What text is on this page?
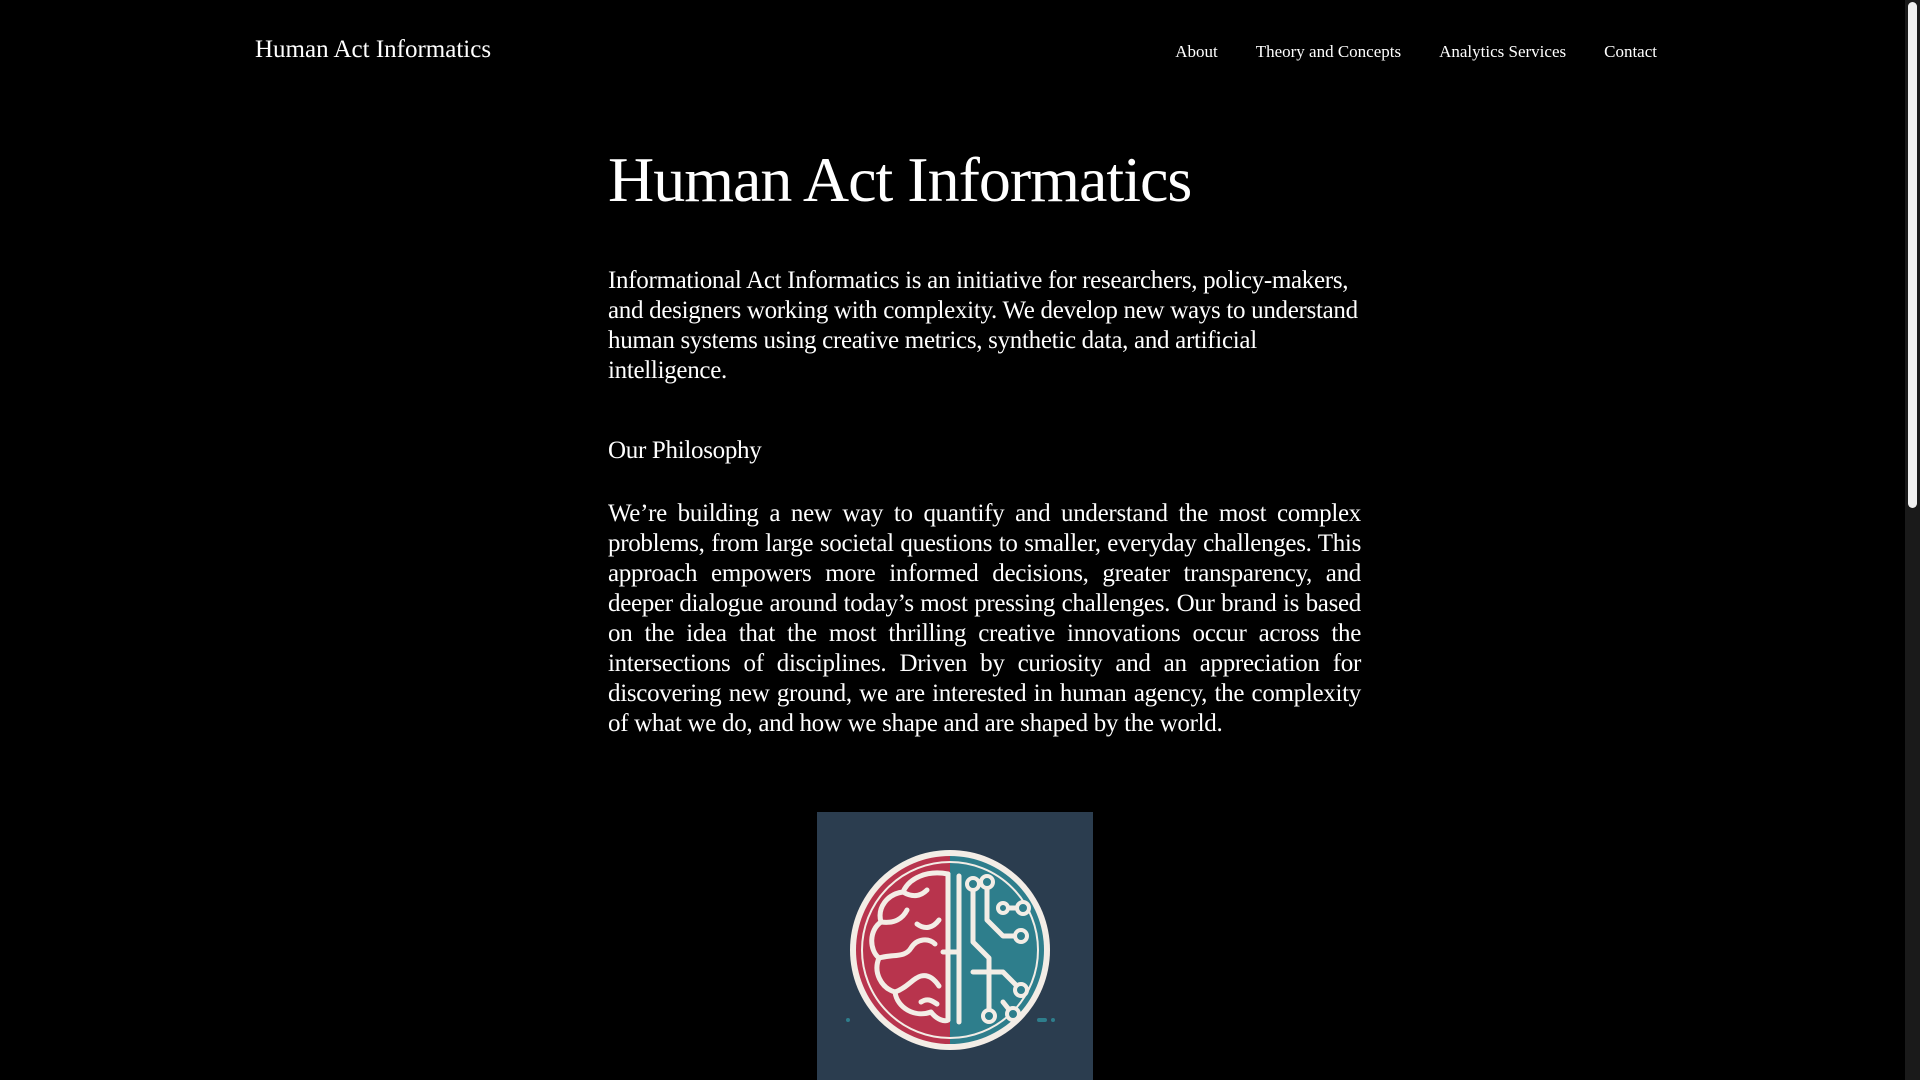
Human Act Informatics	About Theory and Concepts Analytics Services Contact
Human Act Informatics

Informational Act Informatics is an initiative for researchers, policy-makers, and designers working with complexity. We develop new ways to understand human systems using creative metrics, synthetic data, and artificial intelligence.

Our Philosophy

We’re building a new way to quantify and understand the most complex problems, from large societal questions to smaller, everyday challenges. This approach empowers more informed decisions, greater transparency, and deeper dialogue around today’s most pressing challenges. Our brand is based on the idea that the most thrilling creative innovations occur across the intersections of disciplines. Driven by curiosity and an appreciation for discovering new ground, we are interested in human agency, the complexity of what we do, and how we shape and are shaped by the world.
